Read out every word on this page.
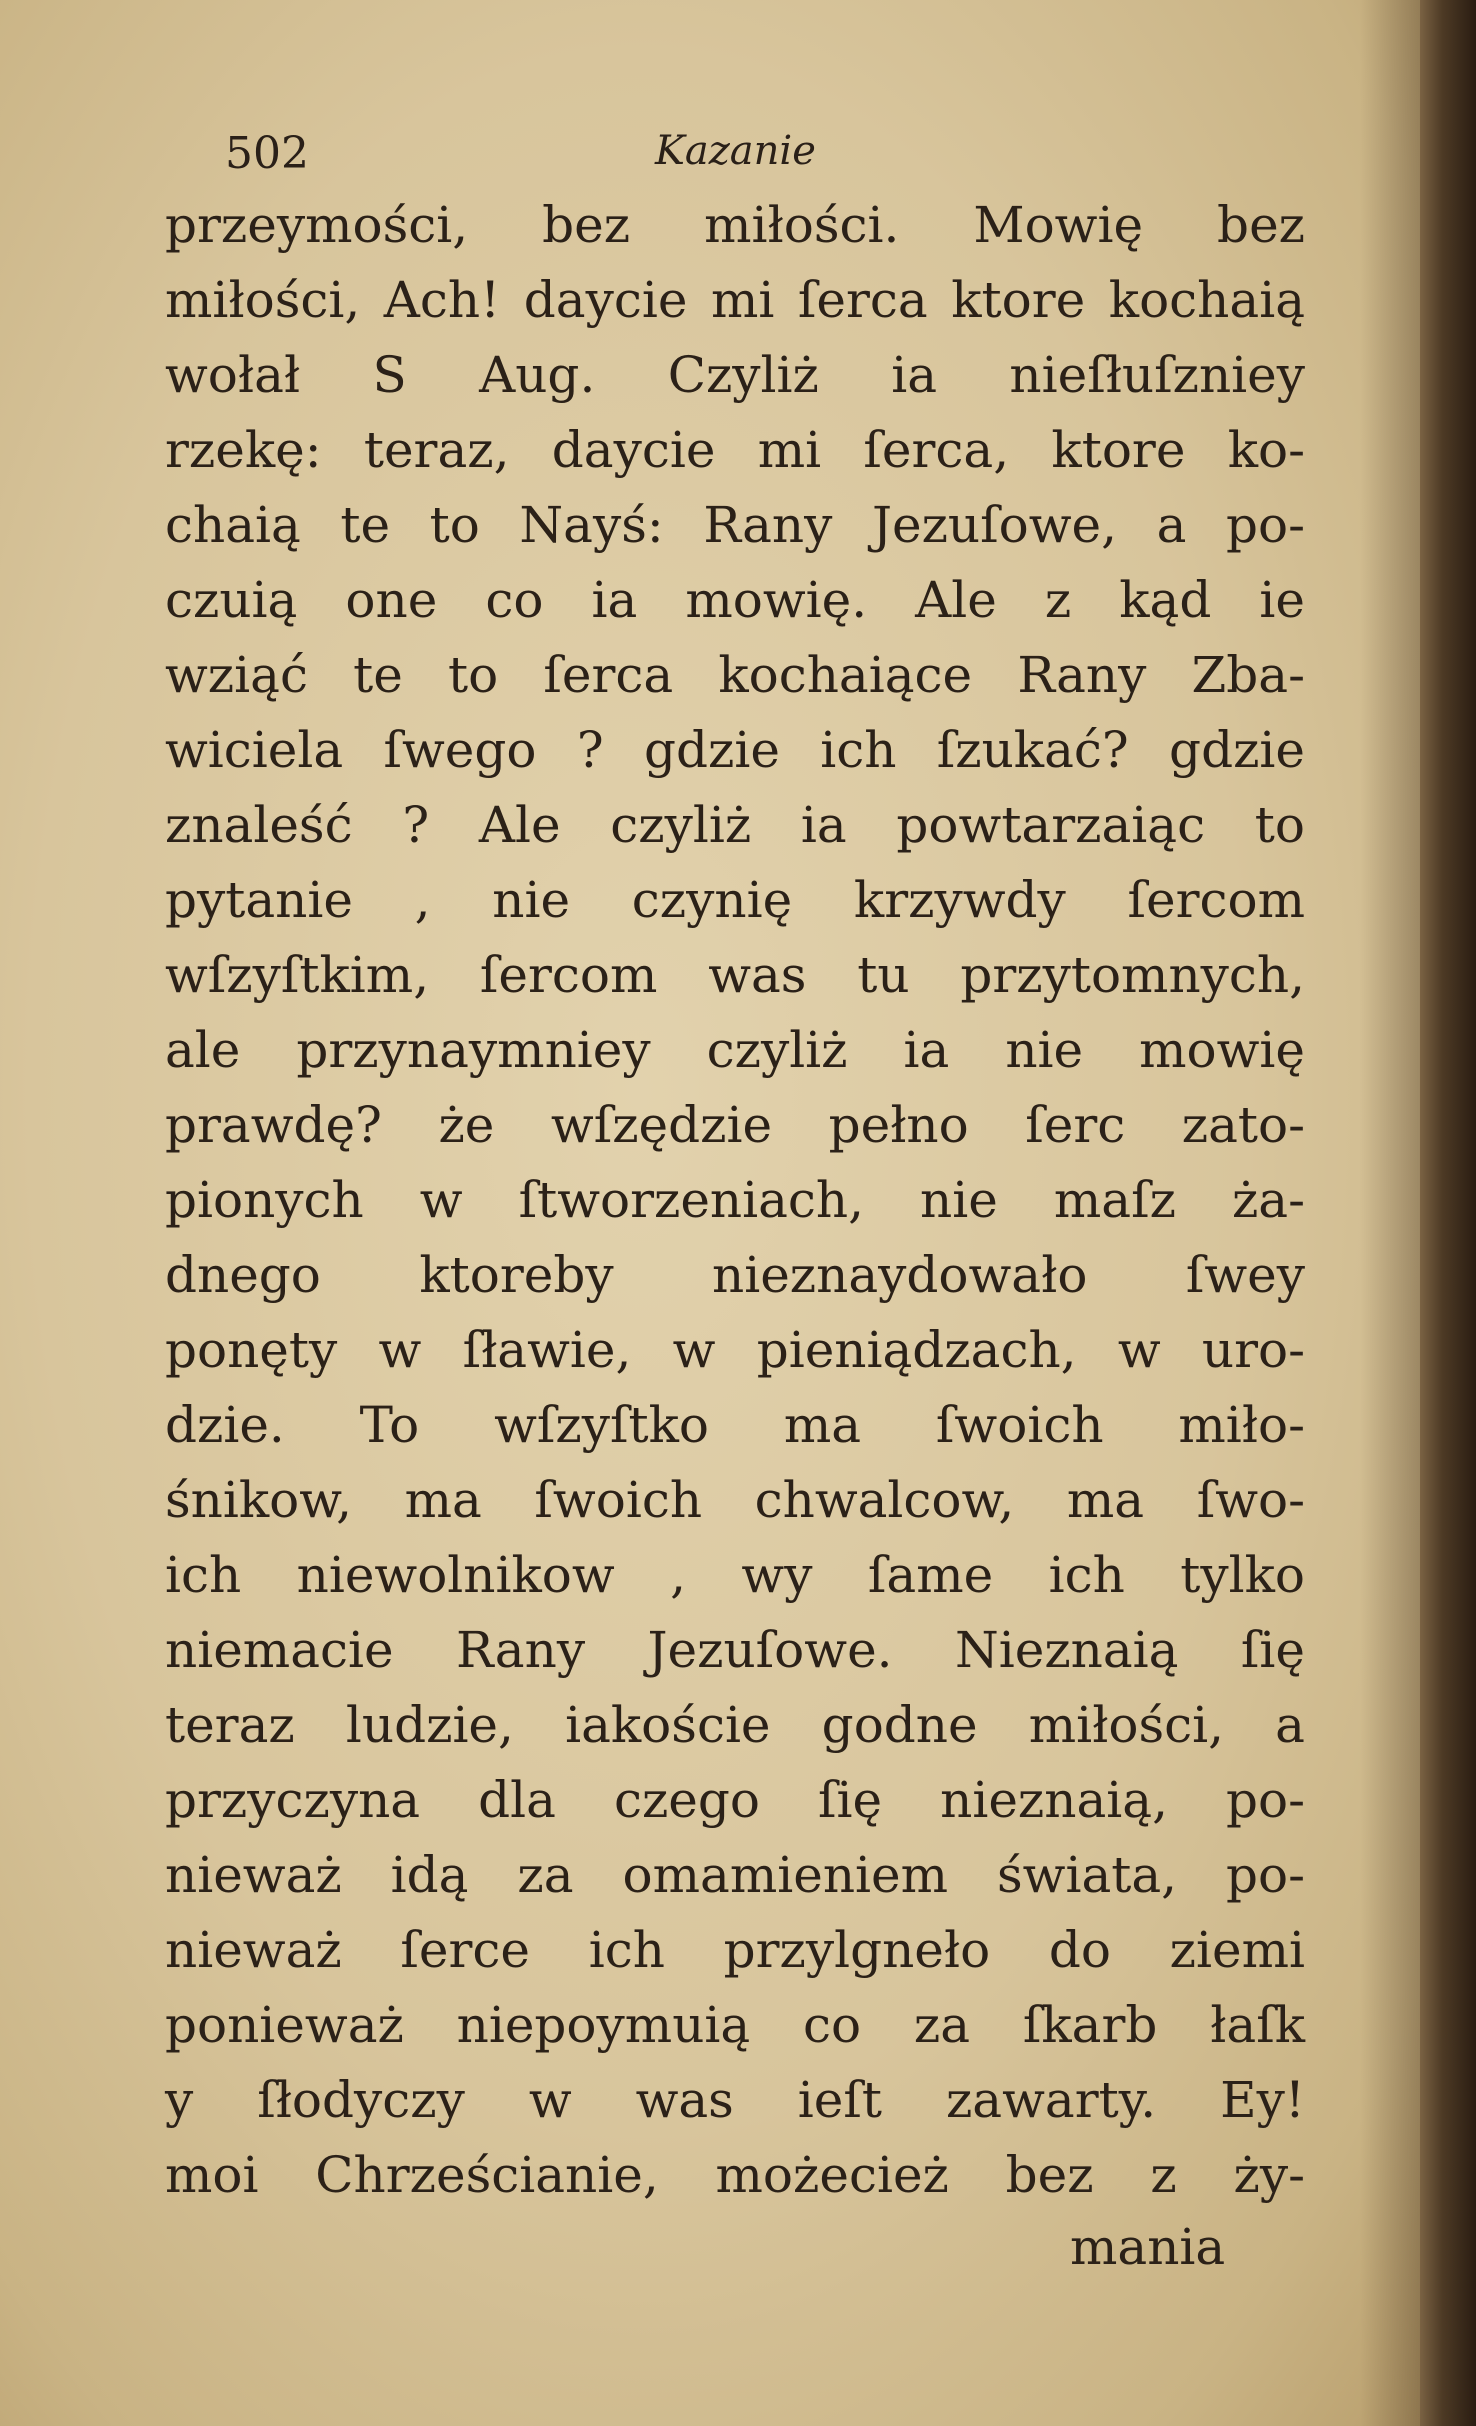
502	Kazanie
przeymości, bez miłości. Mowię bez
miłości, Ach! daycie mi ſerca ktore kochaią
wołał S Aug. Czyliż ia nieſłuſzniey
rzekę: teraz, daycie mi ſerca, ktore ko-
chaią te to Nayś: Rany Jezuſowe, a po-
czuią one co ia mowię. Ale z kąd ie
wziąć te to ſerca kochaiące Rany Zba-
wiciela ſwego ? gdzie ich ſzukać? gdzie
znaleść ? Ale czyliż ia powtarzaiąc to
pytanie , nie czynię krzywdy ſercom
wſzyſtkim, ſercom was tu przytomnych,
ale przynaymniey czyliż ia nie mowię
prawdę? że wſzędzie pełno ſerc zato-
pionych w ſtworzeniach, nie maſz ża-
dnego ktoreby nieznaydowało ſwey
ponęty w ſławie, w pieniądzach, w uro-
dzie. To wſzyſtko ma ſwoich miło-
śnikow, ma ſwoich chwalcow, ma ſwo-
ich niewolnikow , wy ſame ich tylko
niemacie Rany Jezuſowe. Nieznaią ſię
teraz ludzie, iakoście godne miłości, a
przyczyna dla czego ſię nieznaią, po-
nieważ idą za omamieniem świata, po-
nieważ ſerce ich przylgneło do ziemi
ponieważ niepoymuią co za ſkarb łaſk
y ſłodyczy w was ieſt zawarty. Ey!
moi Chrześcianie, możecież bez z ży-
mania
